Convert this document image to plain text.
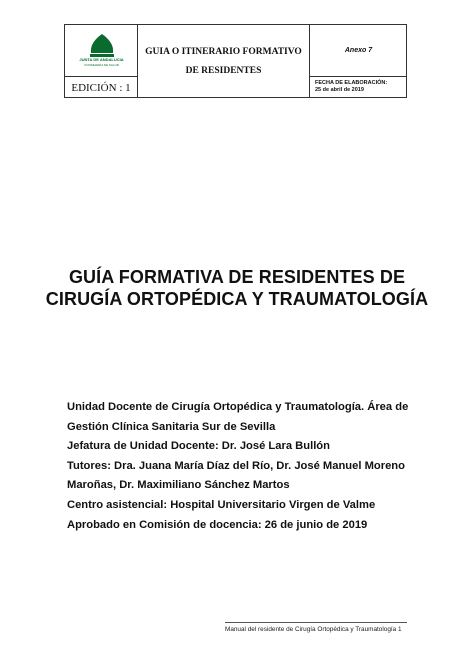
JUNTA DE ANDALUCIA
CONSEJERIA DE SALUD
EDICIÓN : 1
GUIA O ITINERARIO FORMATIVO
DE RESIDENTES
Anexo 7
FECHA DE ELABORACIÓN:
25 de abril de 2019
GUÍA FORMATIVA DE RESIDENTES DE
CIRUGÍA ORTOPÉDICA Y TRAUMATOLOGÍA

Unidad Docente de Cirugía Ortopédica y Traumatología. Área de

Gestión Clínica Sanitaria Sur de Sevilla

Jefatura de Unidad Docente: Dr. José Lara Bullón

Tutores: Dra. Juana María Díaz del Río, Dr. José Manuel Moreno

Maroñas, Dr. Maximiliano Sánchez Martos

Centro asistencial: Hospital Universitario Virgen de Valme

Aprobado en Comisión de docencia: 26 de junio de 2019

Manual del residente de Cirugía Ortopédica y Traumatología 1
